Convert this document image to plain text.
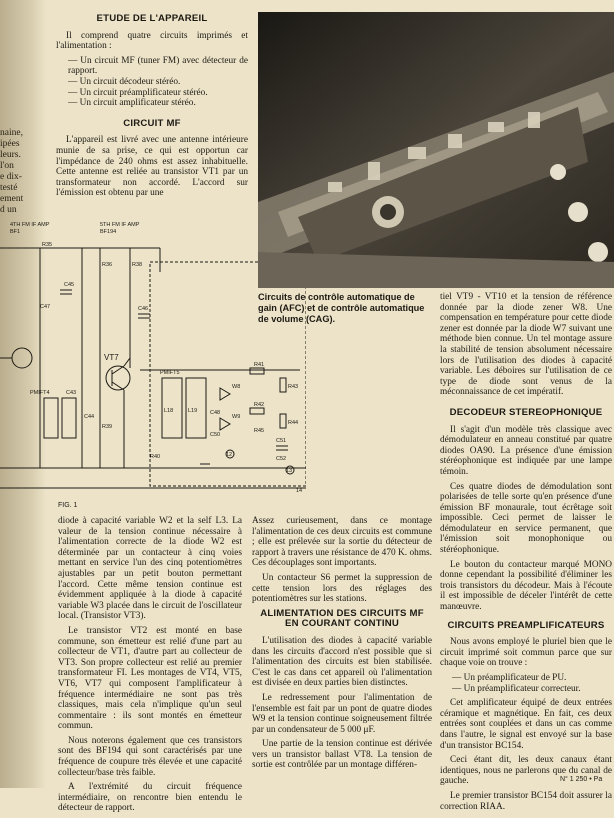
naine,
ipées
leurs.
l'on
e dix-
testé
ement
d un
ETUDE DE L'APPAREIL

Il comprend quatre circuits imprimés et l'alimentation :

— Un circuit MF (tuner FM) avec détecteur de rapport.
— Un circuit décodeur stéréo.
— Un circuit préamplificateur stéréo.
— Un circuit amplificateur stéréo.
CIRCUIT MF

L'appareil est livré avec une antenne intérieure munie de sa prise, ce qui est opportun car l'impédance de 240 ohms est assez inhabituelle. Cette antenne est reliée au transistor VT1 par un transformateur non accordé. L'accord sur l'émission est obtenu par une

4TH FM IF AMP
BF1
5TH FM IF AMP
BF194
VT7
PMIFT5
PMIFT4
R35
R36	R38
C45
C46
C47
C48
C43
C44
R39
R40
R41
R42
R43
R44
R45
C51
C52
W8
W9
L18	L19
C50
12
13
14
FIG. 1
Circuits de contrôle automatique de gain (AFC) et de contrôle automatique de volume (CAG).

tiel VT9 - VT10 et la tension de référence donnée par la diode zener W8. Une compensation en température pour cette diode zener est donnée par la diode W7 suivant une méthode bien connue. Un tel montage assure la stabilité de tension absolument nécessaire lors de l'utilisation des diodes à capacité variable. Les déboires sur l'utilisation de ce type de diode sont venus de la méconnaissance de cet impératif.

DECODEUR STEREOPHONIQUE

Il s'agit d'un modèle très classique avec démodulateur en anneau constitué par quatre diodes OA90. La présence d'une émission stéréophonique est indiquée par une lampe témoin.

Ces quatre diodes de démodulation sont polarisées de telle sorte qu'en présence d'une émission BF monaurale, tout écrêtage soit impossible. Ceci permet de laisser le démodulateur en service permanent, que l'émission soit monophonique ou stéréophonique.

Le bouton du contacteur marqué MONO donne cependant la possibilité d'éliminer les trois transistors du décodeur. Mais à l'écoute il est impossible de déceler l'intérêt de cette manœuvre.

CIRCUITS PREAMPLIFICATEURS

Nous avons employé le pluriel bien que le circuit imprimé soit commun parce que sur chaque voie on trouve :

— Un préamplificateur de PU.
— Un préamplificateur correcteur.

Cet amplificateur équipé de deux entrées céramique et magnétique. En fait, ces deux entrées sont couplées et dans un cas comme dans l'autre, le signal est envoyé sur la base d'un transistor BC154.

Ceci étant dit, les deux canaux étant identiques, nous ne parlerons que du canal de gauche.

Le premier transistor BC154 doit assurer la correction RIAA.

diode à capacité variable W2 et la self L3. La valeur de la tension continue nécessaire à l'alimentation correcte de la diode W2 est déterminée par un contacteur à cinq voies mettant en service l'un des cinq potentiomètres ajustables par un petit bouton permettant l'accord. Cette même tension continue est évidemment appliquée à la diode à capacité variable W3 placée dans le circuit de l'oscillateur local. (Transistor VT3).

Le transistor VT2 est monté en base commune, son émetteur est relié d'une part au collecteur de VT1, d'autre part au collecteur de VT3. Son propre collecteur est relié au premier transformateur FI. Les montages de VT4, VT5, VT6, VT7 qui composent l'amplificateur à fréquence intermédiaire ne sont pas très classiques, mais cela n'implique qu'un seul commentaire : ils sont montés en émetteur commun.

Nous noterons également que ces transistors sont des BF194 qui sont caractérisés par une fréquence de coupure très élevée et une capacité collecteur/base très faible.

A l'extrémité du circuit fréquence intermédiaire, on rencontre bien entendu le détecteur de rapport.

Assez curieusement, dans ce montage l'alimentation de ces deux circuits est commune ; elle est prélevée sur la sortie du détecteur de rapport à travers une résistance de 470 K. ohms. Ces découplages sont importants.

Un contacteur S6 permet la suppression de cette tension lors des réglages des potentiomètres sur les stations.

ALIMENTATION DES CIRCUITS MF EN COURANT CONTINU

L'utilisation des diodes à capacité variable dans les circuits d'accord n'est possible que si l'alimentation des circuits est bien stabilisée. C'est le cas dans cet appareil où l'alimentation est divisée en deux parties bien distinctes.

Le redressement pour l'alimentation de l'ensemble est fait par un pont de quatre diodes W9 et la tension continue soigneusement filtrée par un condensateur de 5 000 μF.

Une partie de la tension continue est dérivée vers un transistor ballast VT8. La tension de sortie est contrôlée par un montage différen-

N° 1 250 • Pa
